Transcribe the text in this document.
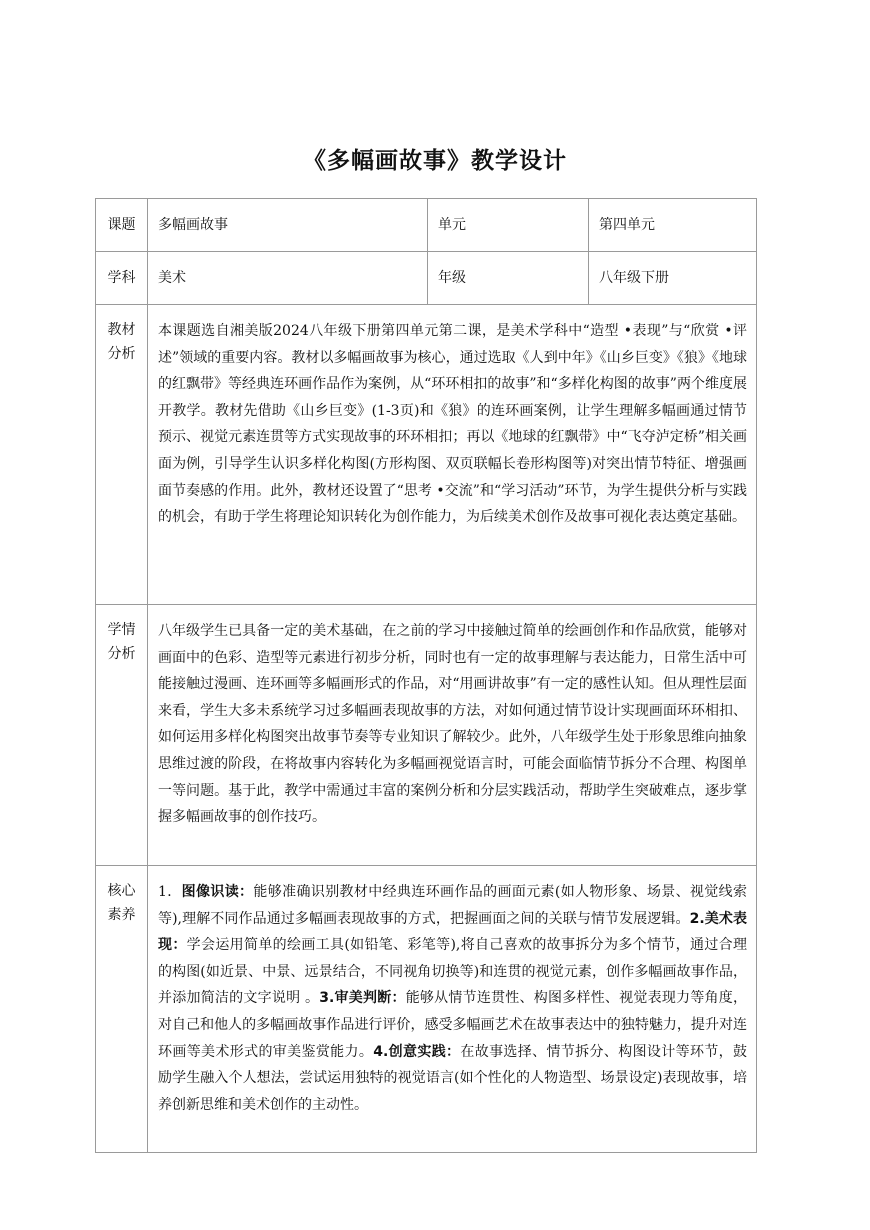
《多幅画故事》教学设计
课题	多幅画故事	单元	第四单元
学科	美术	年级	八年级下册

教材分析	本课题选自湘美版2024八年级下册第四单元第二课，是美术学科中“造型 •表现”与“欣赏 •评述”领域的重要内容。教材以多幅画故事为核心，通过选取《人到中年》《山乡巨变》《狼》《地球的红飘带》等经典连环画作品作为案例，从“环环相扣的故事”和“多样化构图的故事”两个维度展开教学。教材先借助《山乡巨变》(1-3页)和《狼》的连环画案例，让学生理解多幅画通过情节预示、视觉元素连贯等方式实现故事的环环相扣；再以《地球的红飘带》中“飞夺泸定桥”相关画面为例，引导学生认识多样化构图(方形构图、双页联幅长卷形构图等)对突出情节特征、增强画面节奏感的作用。此外，教材还设置了“思考 •交流”和“学习活动”环节，为学生提供分析与实践的机会，有助于学生将理论知识转化为创作能力，为后续美术创作及故事可视化表达奠定基础。		

学情分析	八年级学生已具备一定的美术基础，在之前的学习中接触过简单的绘画创作和作品欣赏，能够对画面中的色彩、造型等元素进行初步分析，同时也有一定的故事理解与表达能力，日常生活中可能接触过漫画、连环画等多幅画形式的作品，对“用画讲故事”有一定的感性认知。但从理性层面来看，学生大多未系统学习过多幅画表现故事的方法，对如何通过情节设计实现画面环环相扣、如何运用多样化构图突出故事节奏等专业知识了解较少。此外，八年级学生处于形象思维向抽象思维过渡的阶段，在将故事内容转化为多幅画视觉语言时，可能会面临情节拆分不合理、构图单一等问题。基于此，教学中需通过丰富的案例分析和分层实践活动，帮助学生突破难点，逐步掌握多幅画故事的创作技巧。		

核心素养	1．图像识读：能够准确识别教材中经典连环画作品的画面元素(如人物形象、场景、视觉线索等),理解不同作品通过多幅画表现故事的方式，把握画面之间的关联与情节发展逻辑。2.美术表现：学会运用简单的绘画工具(如铅笔、彩笔等),将自己喜欢的故事拆分为多个情节，通过合理的构图(如近景、中景、远景结合，不同视角切换等)和连贯的视觉元素，创作多幅画故事作品，并添加简洁的文字说明 。3.审美判断：能够从情节连贯性、构图多样性、视觉表现力等角度，对自己和他人的多幅画故事作品进行评价，感受多幅画艺术在故事表达中的独特魅力，提升对连环画等美术形式的审美鉴赏能力。4.创意实践：在故事选择、情节拆分、构图设计等环节，鼓励学生融入个人想法，尝试运用独特的视觉语言(如个性化的人物造型、场景设定)表现故事，培养创新思维和美术创作的主动性。		
